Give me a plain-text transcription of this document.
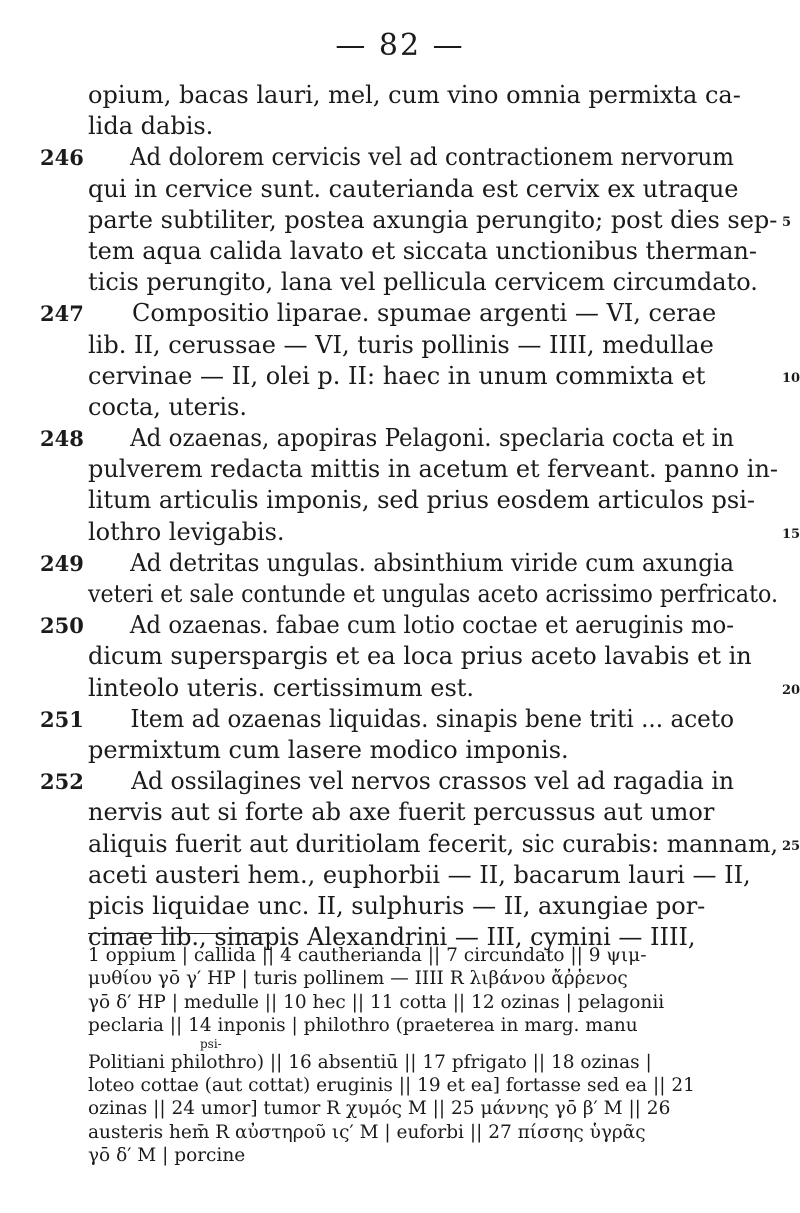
— 82 —
opium, bacas lauri, mel, cum vino omnia permixta ca-
lida dabis.
246 Ad dolorem cervicis vel ad contractionem nervorum
qui in cervice sunt. cauterianda est cervix ex utraque
parte subtiliter, postea axungia perungito; post dies sep- 5
tem aqua calida lavato et siccata unctionibus therman-
ticis perungito, lana vel pellicula cervicem circumdato.
247 Compositio liparae. spumae argenti — VI, cerae
lib. II, cerussae — VI, turis pollinis — IIII, medullae
cervinae — II, olei p. II: haec in unum commixta et	10
cocta, uteris.
248 Ad ozaenas, apopiras Pelagoni. speclaria cocta et in
pulverem redacta mittis in acetum et ferveant. panno in-
litum articulis imponis, sed prius eosdem articulos psi-
lothro levigabis.	15
249 Ad detritas ungulas. absinthium viride cum axungia
veteri et sale contunde et ungulas aceto acrissimo perfricato.
250 Ad ozaenas. fabae cum lotio coctae et aeruginis mo-
dicum superspargis et ea loca prius aceto lavabis et in
linteolo uteris. certissimum est.	20
251 Item ad ozaenas liquidas. sinapis bene triti ... aceto
permixtum cum lasere modico imponis.
252 Ad ossilagines vel nervos crassos vel ad ragadia in
nervis aut si forte ab axe fuerit percussus aut umor
aliquis fuerit aut duritiolam fecerit, sic curabis: mannam, 25
aceti austeri hem., euphorbii — II, bacarum lauri — II,
picis liquidae unc. II, sulphuris — II, axungiae por-
cinae lib., sinapis Alexandrini — III, cymini — IIII,
1 oppium | callida || 4 cautherianda || 7 circundato || 9 ψιμ-
μυθίου γō γ′ HP | turis pollinem — IIII R λιβάνου ἄῤῥενος
γō δ′ HP | medulle || 10 hec || 11 cotta || 12 ozinas | pelagonii
peclaria || 14 inponis | philothro (praeterea in marg. manu
psi-
Politiani philothro) || 16 absentiū || 17 pfrigato || 18 ozinas |
loteo cottae (aut cottat) eruginis || 19 et ea] fortasse sed ea || 21
ozinas || 24 umor] tumor R χυμός M || 25 μάννης γō β′ M || 26
austeris hem̄ R αὐστηροῦ ις′ M | euforbi || 27 πίσσης ὑγρᾶς
γō δ′ M | porcine
